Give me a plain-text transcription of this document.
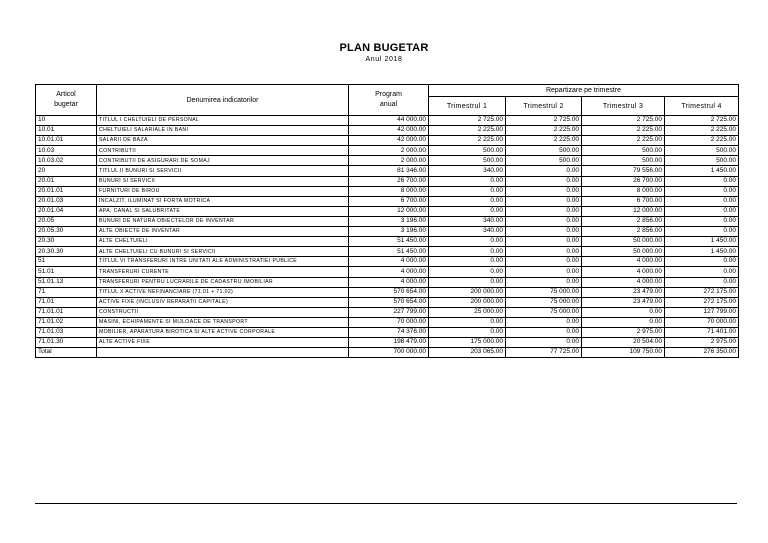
PLAN BUGETAR
Anul 2018
Articol
bugetar	Denumirea indicatorilor	Program
anual	Repartizare pe trimestre			
			Trimestrul 1	Trimestrul 2	Trimestrul 3	Trimestrul 4
10	TITLUL I CHELTUIELI DE PERSONAL	44 000.00	2 725.00	2 725.00	2 725.00	2 725.00
10.01	CHELTUIELI SALARIALE IN BANI	42 000.00	2 225.00	2 225.00	2 225.00	2 225.00
10.01.01	SALARII DE BAZA	42 000.00	2 225.00	2 225.00	2 225.00	2 225.00
10.03	CONTRIBUTII	2 000.00	500.00	500.00	500.00	500.00
10.03.02	CONTRIBUTII DE ASIGURARI DE SOMAJ	2 000.00	500.00	500.00	500.00	500.00
20	TITLUL II BUNURI SI SERVICII	81 346.00	340.00	0.00	79 556.00	1 450.00
20.01	BUNURI SI SERVICII	26 700.00	0.00	0.00	26 700.00	0.00
20.01.01	FURNITURI DE BIROU	8 000.00	0.00	0.00	8 000.00	0.00
20.01.03	INCALZIT, ILUMINAT SI FORTA MOTRICA	6 700.00	0.00	0.00	6 700.00	0.00
20.01.04	APA, CANAL SI SALUBRITATE	12 000.00	0.00	0.00	12 000.00	0.00
20.05	BUNURI DE NATURA OBIECTELOR DE INVENTAR	3 196.00	340.00	0.00	2 856.00	0.00
20.05.30	ALTE OBIECTE DE INVENTAR	3 196.00	340.00	0.00	2 856.00	0.00
20.30	ALTE CHELTUIELI	51 450.00	0.00	0.00	50 000.00	1 450.00
20.30.30	ALTE CHELTUIELI CU BUNURI SI SERVICII	51 450.00	0.00	0.00	50 000.00	1 450.00
51	TITLUL VI TRANSFERURI INTRE UNITATI ALE ADMINISTRATIEI PUBLICE	4 000.00	0.00	0.00	4 000.00	0.00
51.01	TRANSFERURI CURENTE	4 000.00	0.00	0.00	4 000.00	0.00
51.01.13	TRANSFERURI PENTRU LUCRARILE DE CADASTRU IMOBILIAR	4 000.00	0.00	0.00	4 000.00	0.00
71	TITLUL X ACTIVE NEFINANCIARE (71.01 + 71.02)	570 654.00	200 000.00	75 000.00	23 479.00	272 175.00
71.01	ACTIVE FIXE (INCLUSIV REPARATII CAPITALE)	570 654.00	200 000.00	75 000.00	23 479.00	272 175.00
71.01.01	CONSTRUCTII	227 799.00	25 000.00	75 000.00	0.00	127 799.00
71.01.02	MASINI, ECHIPAMENTE SI MIJLOACE DE TRANSPORT	70 000.00	0.00	0.00	0.00	70 000.00
71.01.03	MOBILIER, APARATURA BIROTICA SI ALTE ACTIVE CORPORALE	74 376.00	0.00	0.00	2 975.00	71 401.00
71.01.30	ALTE ACTIVE FIXE	198 479.00	175 000.00	0.00	20 504.00	2 975.00
Total		700 000.00	203 065.00	77 725.00	109 750.00	276 350.00
